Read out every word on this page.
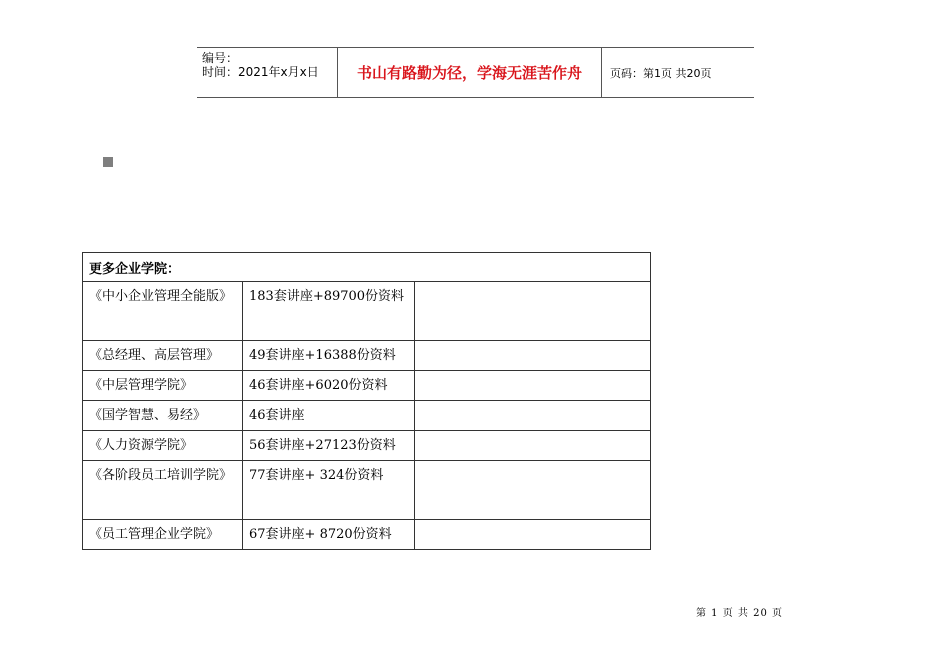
编号：
时间：2021年x月x日	书山有路勤为径，学海无涯苦作舟	页码：第1页 共20页
更多企业学院：		
《中小企业管理全能版》	183套讲座+89700份资料	
《总经理、高层管理》	49套讲座+16388份资料	
《中层管理学院》	46套讲座+6020份资料	
《国学智慧、易经》	46套讲座	
《人力资源学院》	56套讲座+27123份资料	
《各阶段员工培训学院》	77套讲座+ 324份资料	
《员工管理企业学院》	67套讲座+ 8720份资料	
第 1 页 共 20 页
